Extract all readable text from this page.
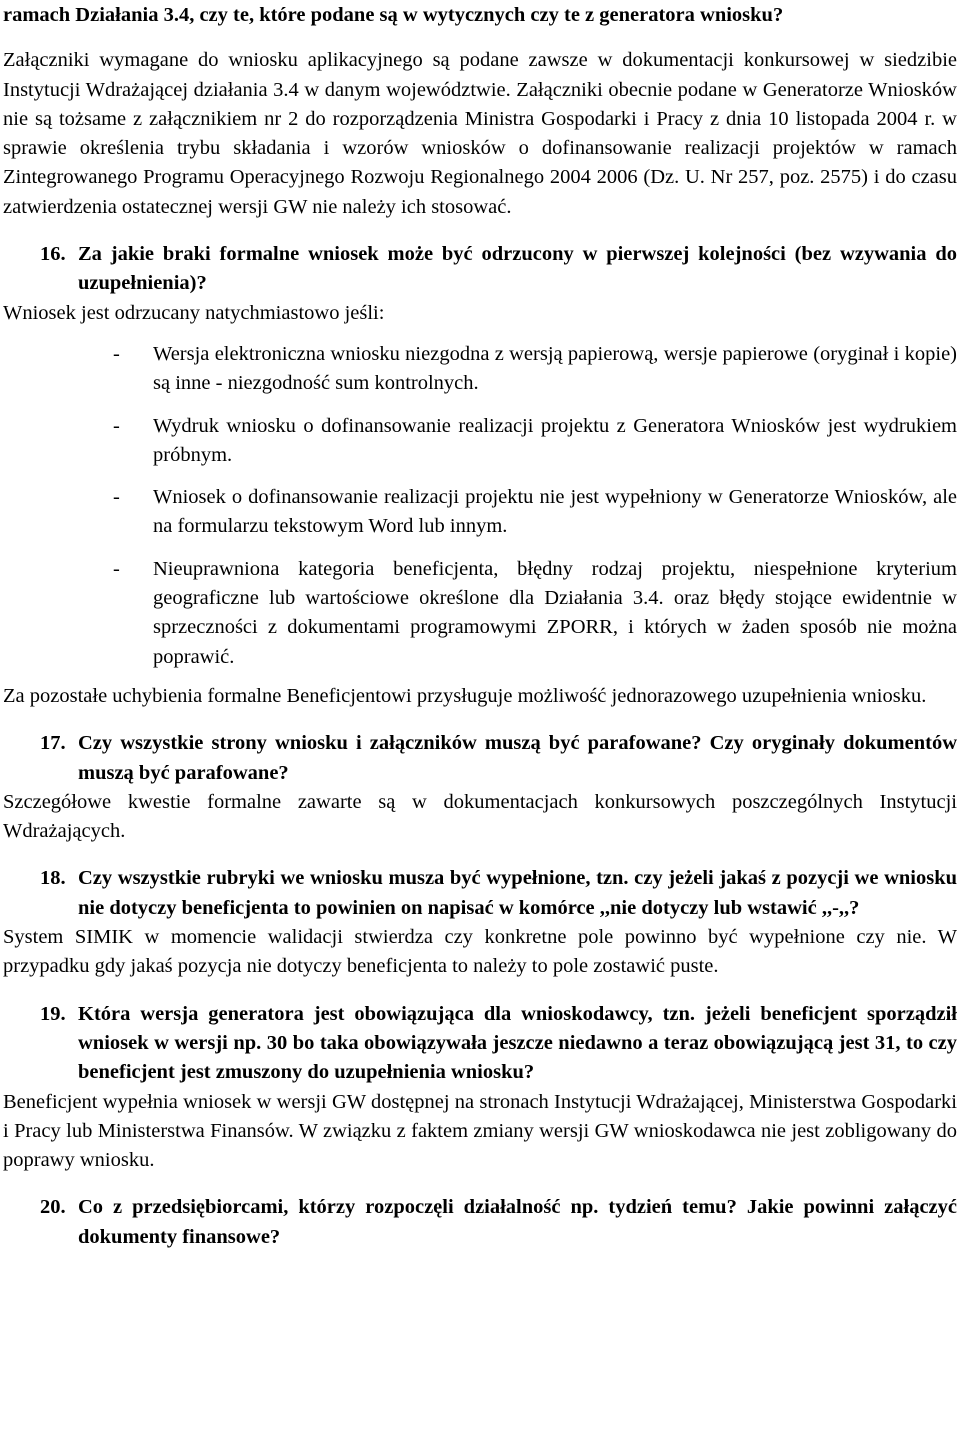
ramach Działania 3.4, czy te, które podane są w wytycznych czy te z generatora wniosku?

Załączniki wymagane do wniosku aplikacyjnego są podane zawsze w dokumentacji konkursowej w siedzibie Instytucji Wdrażającej działania 3.4 w danym województwie. Załączniki obecnie podane w Generatorze Wniosków nie są tożsame z załącznikiem nr 2 do rozporządzenia Ministra Gospodarki i Pracy z dnia 10 listopada 2004 r. w sprawie określenia trybu składania i wzorów wniosków o dofinansowanie realizacji projektów w ramach Zintegrowanego Programu Operacyjnego Rozwoju Regionalnego 2004 2006 (Dz. U. Nr 257, poz. 2575) i do czasu zatwierdzenia ostatecznej wersji GW nie należy ich stosować.

16. Za jakie braki formalne wniosek może być odrzucony w pierwszej kolejności (bez wzywania do uzupełnienia)?

Wniosek jest odrzucany natychmiastowo jeśli:

-	Wersja elektroniczna wniosku niezgodna z wersją papierową, wersje papierowe (oryginał i kopie) są inne - niezgodność sum kontrolnych.
-	Wydruk wniosku o dofinansowanie realizacji projektu z Generatora Wniosków jest wydrukiem próbnym.
-	Wniosek o dofinansowanie realizacji projektu nie jest wypełniony w Generatorze Wniosków, ale na formularzu tekstowym Word lub innym.
-	Nieuprawniona kategoria beneficjenta, błędny rodzaj projektu, niespełnione kryterium geograficzne lub wartościowe określone dla Działania 3.4. oraz błędy stojące ewidentnie w sprzeczności z dokumentami programowymi ZPORR, i których w żaden sposób nie można poprawić.

Za pozostałe uchybienia formalne Beneficjentowi przysługuje możliwość jednorazowego uzupełnienia wniosku.

17. Czy wszystkie strony wniosku i załączników muszą być parafowane? Czy oryginały dokumentów muszą być parafowane?

Szczegółowe kwestie formalne zawarte są w dokumentacjach konkursowych poszczególnych Instytucji Wdrażających.

18. Czy wszystkie rubryki we wniosku musza być wypełnione, tzn. czy jeżeli jakaś z pozycji we wniosku nie dotyczy beneficjenta to powinien on napisać w komórce ,,nie dotyczy lub wstawić ,,-,,?

System SIMIK w momencie walidacji stwierdza czy konkretne pole powinno być wypełnione czy nie. W przypadku gdy jakaś pozycja nie dotyczy beneficjenta to należy to pole zostawić puste.

19. Która wersja generatora jest obowiązująca dla wnioskodawcy, tzn. jeżeli beneficjent sporządził wniosek w wersji np. 30 bo taka obowiązywała jeszcze niedawno a teraz obowiązującą jest 31, to czy beneficjent jest zmuszony do uzupełnienia wniosku?

Beneficjent wypełnia wniosek w wersji GW dostępnej na stronach Instytucji Wdrażającej, Ministerstwa Gospodarki i Pracy lub Ministerstwa Finansów. W związku z faktem zmiany wersji GW wnioskodawca nie jest zobligowany do poprawy wniosku.

20. Co z przedsiębiorcami, którzy rozpoczęli działalność np. tydzień temu? Jakie powinni załączyć dokumenty finansowe?
